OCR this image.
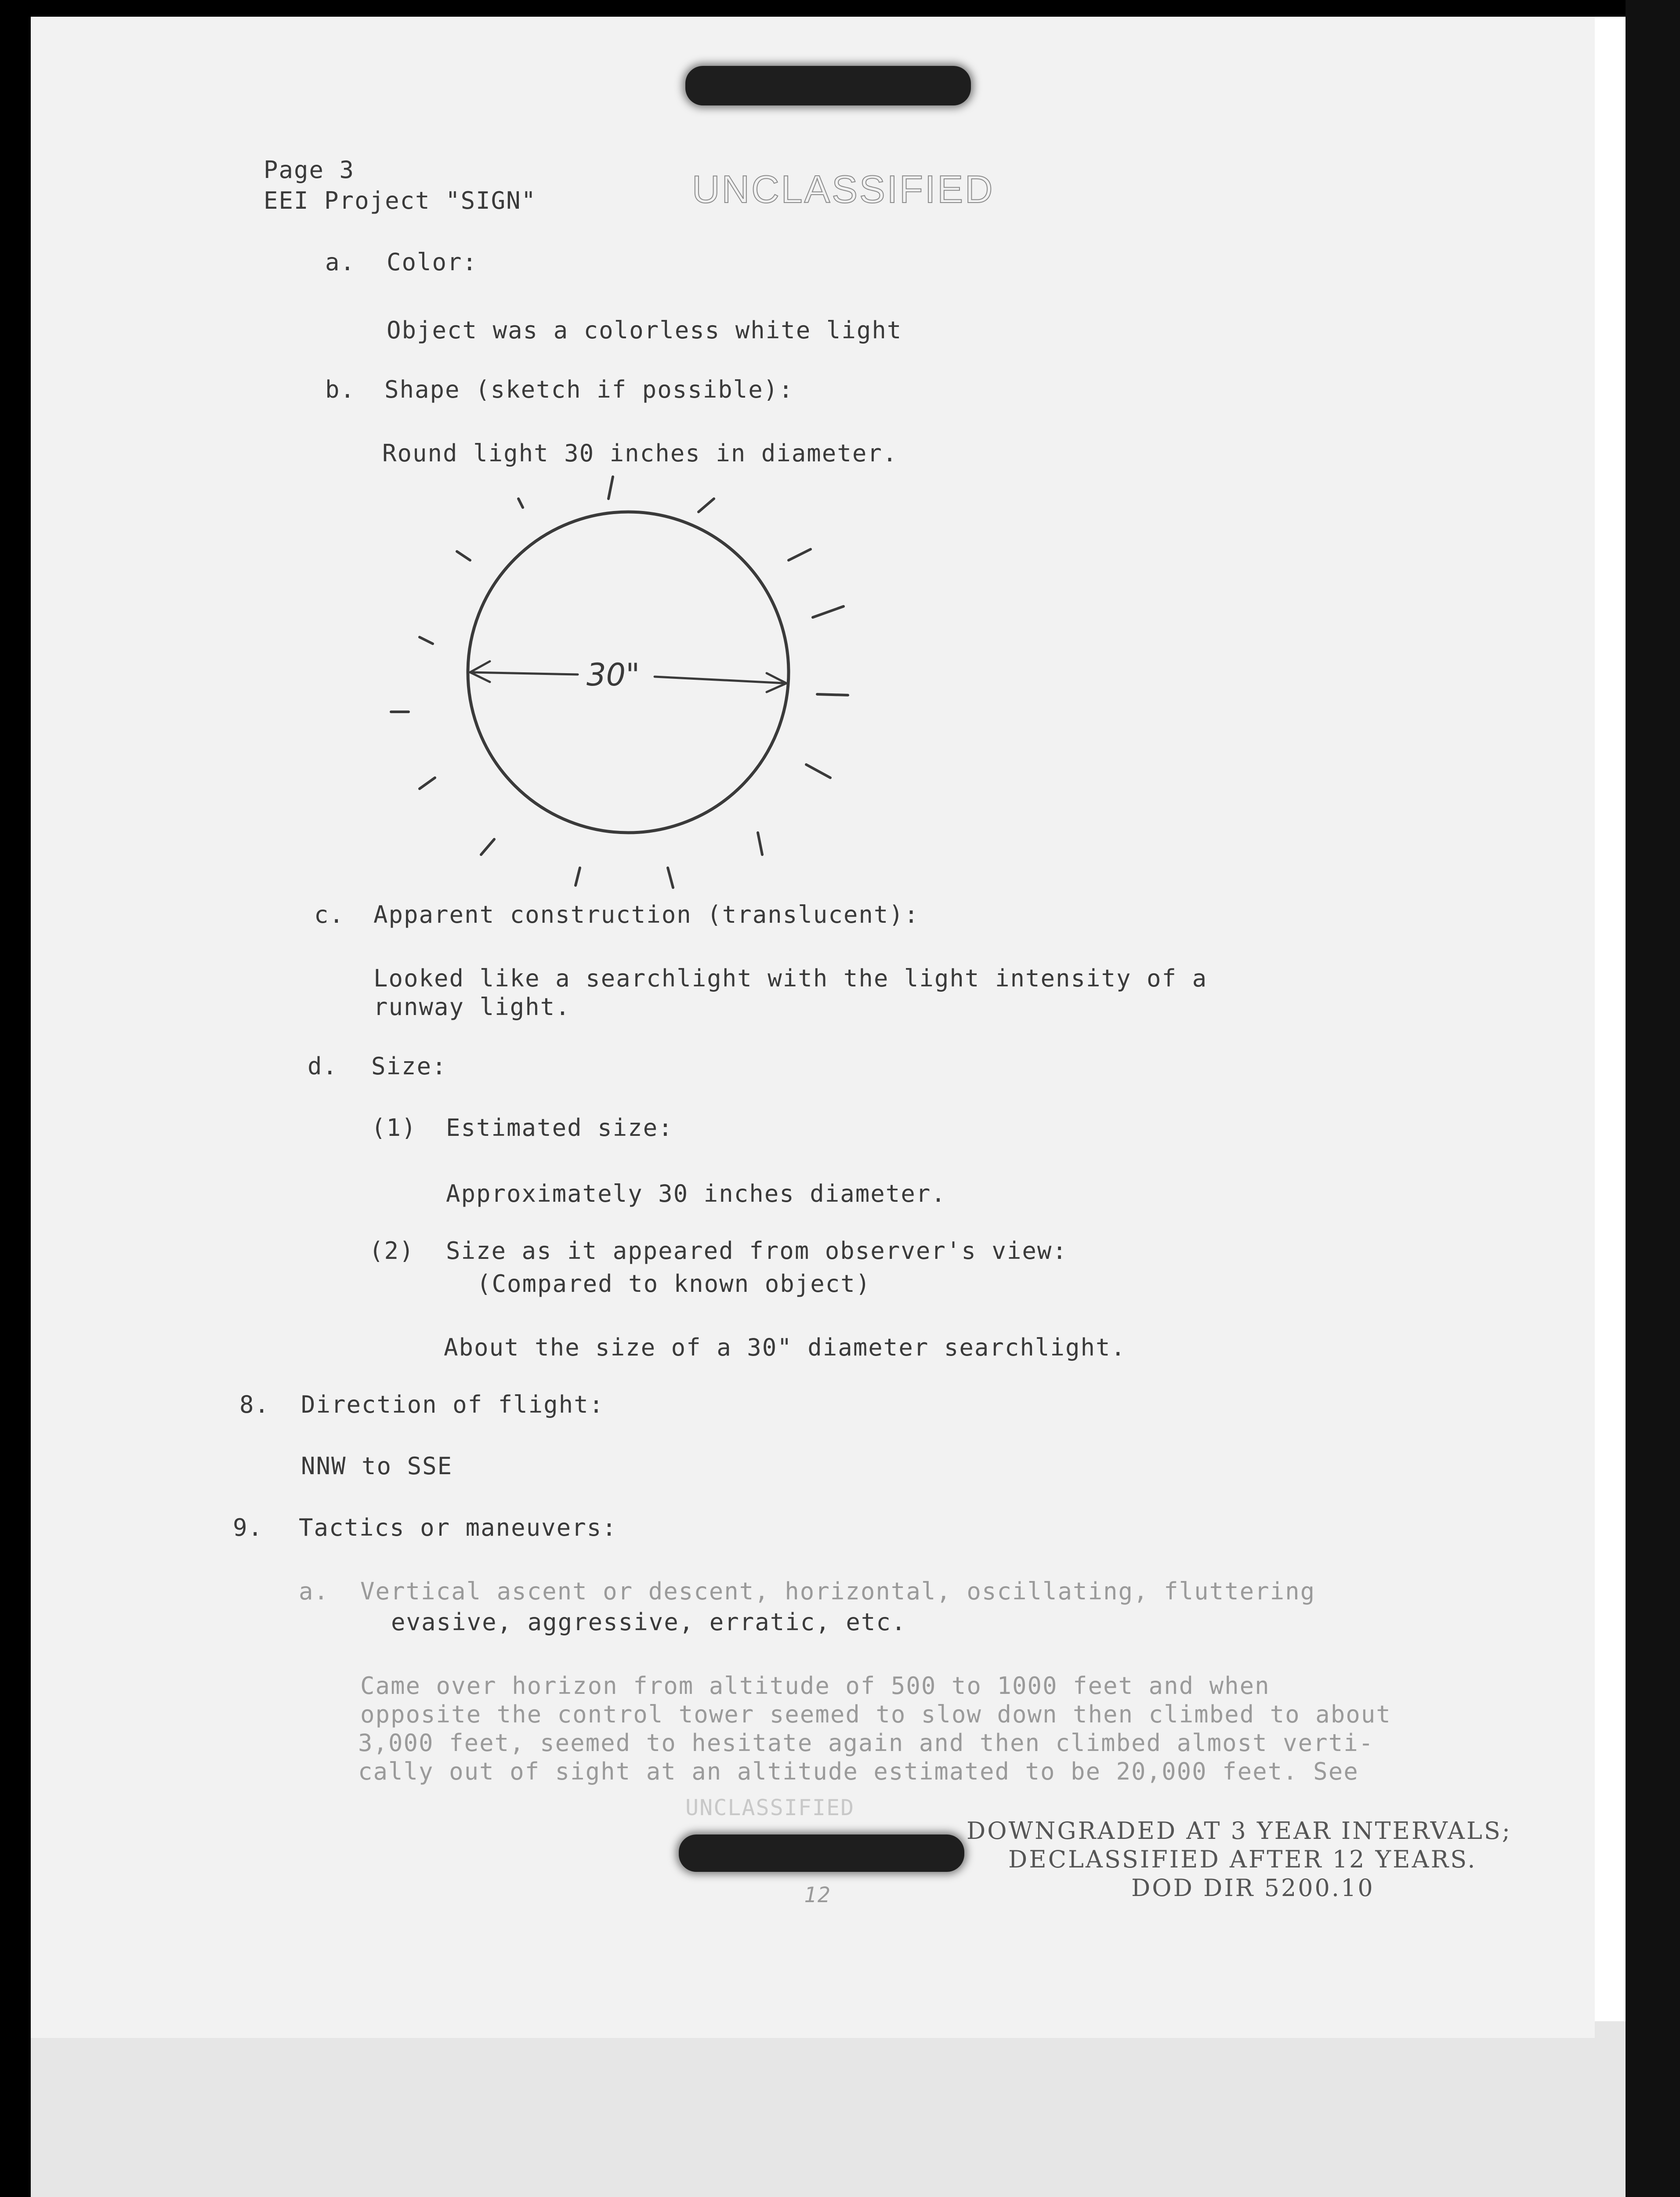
UNCLASSIFIED
Page 3
EEI Project "SIGN"
a. Color:
Object was a colorless white light
b. Shape (sketch if possible):
Round light 30 inches in diameter.
30"
c. Apparent construction (translucent):
Looked like a searchlight with the light intensity of a
runway light.
d. Size:
(1) Estimated size:
Approximately 30 inches diameter.
(2) Size as it appeared from observer's view:
(Compared to known object)
About the size of a 30" diameter searchlight.
8. Direction of flight:
NNW to SSE
9. Tactics or maneuvers:
a. Vertical ascent or descent, horizontal, oscillating, fluttering
evasive, aggressive, erratic, etc.
Came over horizon from altitude of 500 to 1000 feet and when
opposite the control tower seemed to slow down then climbed to about
3,000 feet, seemed to hesitate again and then climbed almost verti-
cally out of sight at an altitude estimated to be 20,000 feet. See
UNCLASSIFIED
DOWNGRADED AT 3 YEAR INTERVALS;
DECLASSIFIED AFTER 12 YEARS.
DOD DIR 5200.10
12
